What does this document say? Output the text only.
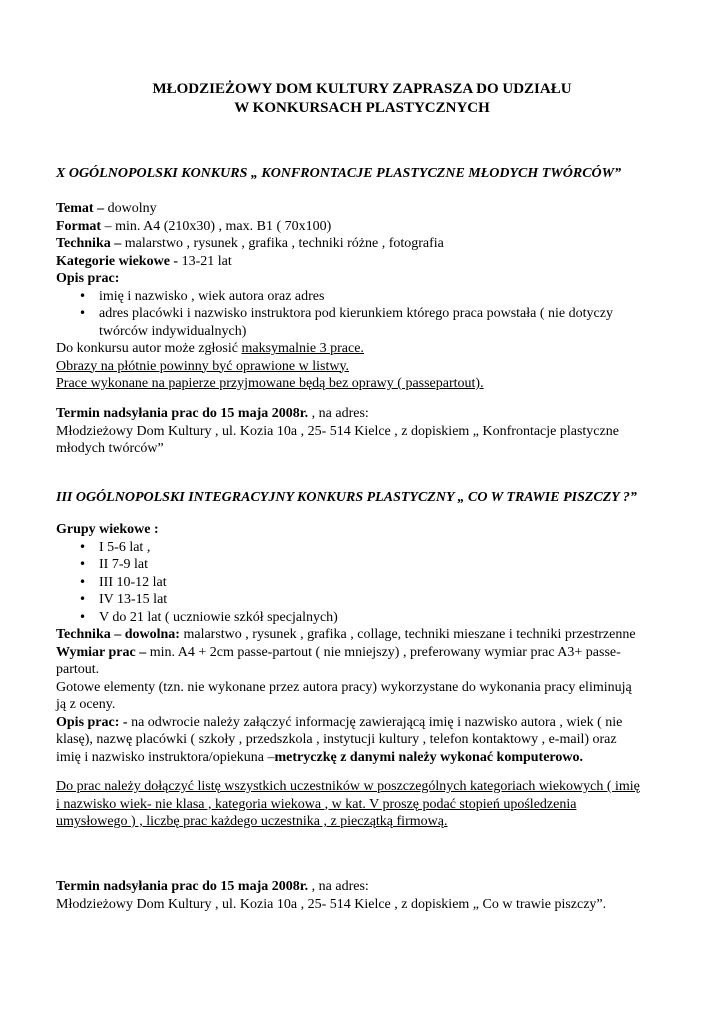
MŁODZIEŻOWY DOM KULTURY ZAPRASZA DO UDZIAŁU
W KONKURSACH PLASTYCZNYCH

X OGÓLNOPOLSKI KONKURS „ KONFRONTACJE PLASTYCZNE MŁODYCH TWÓRCÓW”

Temat – dowolny

Format – min. A4 (210x30) , max. B1 ( 70x100)

Technika – malarstwo , rysunek , grafika , techniki różne , fotografia

Kategorie wiekowe - 13-21 lat

Opis prac:

• imię i nazwisko , wiek autora oraz adres
• adres placówki i nazwisko instruktora pod kierunkiem którego praca powstała ( nie dotyczy

twórców indywidualnych)

Do konkursu autor może zgłosić maksymalnie 3 prace.

Obrazy na płótnie powinny być oprawione w listwy.

Prace wykonane na papierze przyjmowane będą bez oprawy ( passepartout).

Termin nadsyłania prac do 15 maja 2008r. , na adres:

Młodzieżowy Dom Kultury , ul. Kozia 10a , 25- 514 Kielce , z dopiskiem „ Konfrontacje plastyczne

młodych twórców”

III OGÓLNOPOLSKI INTEGRACYJNY KONKURS PLASTYCZNY „ CO W TRAWIE PISZCZY ?”

Grupy wiekowe :

• I 5-6 lat ,
• II 7-9 lat
• III 10-12 lat
• IV 13-15 lat
• V do 21 lat ( uczniowie szkół specjalnych)

Technika – dowolna: malarstwo , rysunek , grafika , collage, techniki mieszane i techniki przestrzenne

Wymiar prac – min. A4 + 2cm passe-partout ( nie mniejszy) , preferowany wymiar prac A3+ passe-

partout.

Gotowe elementy (tzn. nie wykonane przez autora pracy) wykorzystane do wykonania pracy eliminują

ją z oceny.

Opis prac: - na odwrocie należy załączyć informację zawierającą imię i nazwisko autora , wiek ( nie

klasę), nazwę placówki ( szkoły , przedszkola , instytucji kultury , telefon kontaktowy , e-mail) oraz

imię i nazwisko instruktora/opiekuna –metryczkę z danymi należy wykonać komputerowo.

Do prac należy dołączyć listę wszystkich uczestników w poszczególnych kategoriach wiekowych ( imię

i nazwisko wiek- nie klasa , kategoria wiekowa , w kat. V proszę podać stopień upośledzenia

umysłowego ) , liczbę prac każdego uczestnika , z pieczątką firmową.

Termin nadsyłania prac do 15 maja 2008r. , na adres:

Młodzieżowy Dom Kultury , ul. Kozia 10a , 25- 514 Kielce , z dopiskiem „ Co w trawie piszczy”.
